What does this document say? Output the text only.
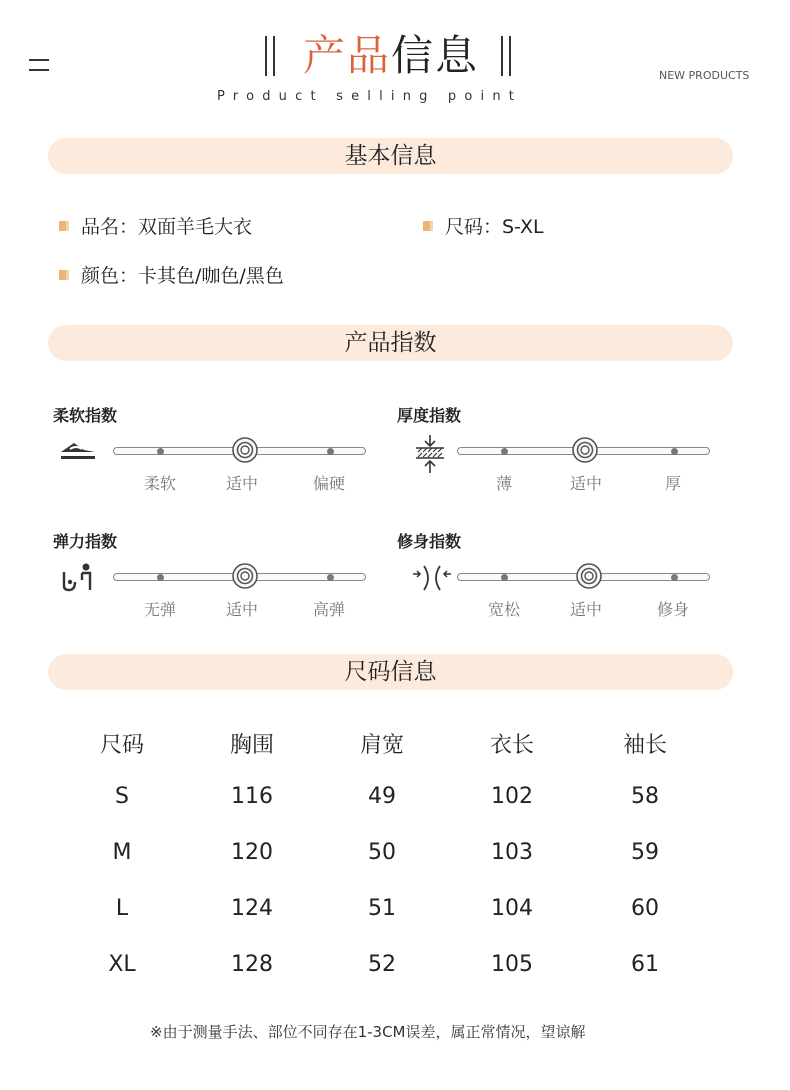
产品信息	NEW PRODUCTS
Product selling point
基本信息
品名：双面羊毛大衣	尺码：S-XL
颜色：卡其色/咖色/黑色
产品指数
柔软指数
柔软	适中	偏硬
厚度指数
薄	适中	厚
弹力指数
无弹	适中	高弹
修身指数
宽松	适中	修身
尺码信息
尺码	胸围	肩宽	衣长	袖长
S	116	49	102	58
M	120	50	103	59
L	124	51	104	60
XL	128	52	105	61
※由于测量手法、部位不同存在1-3CM误差，属正常情况，望谅解
